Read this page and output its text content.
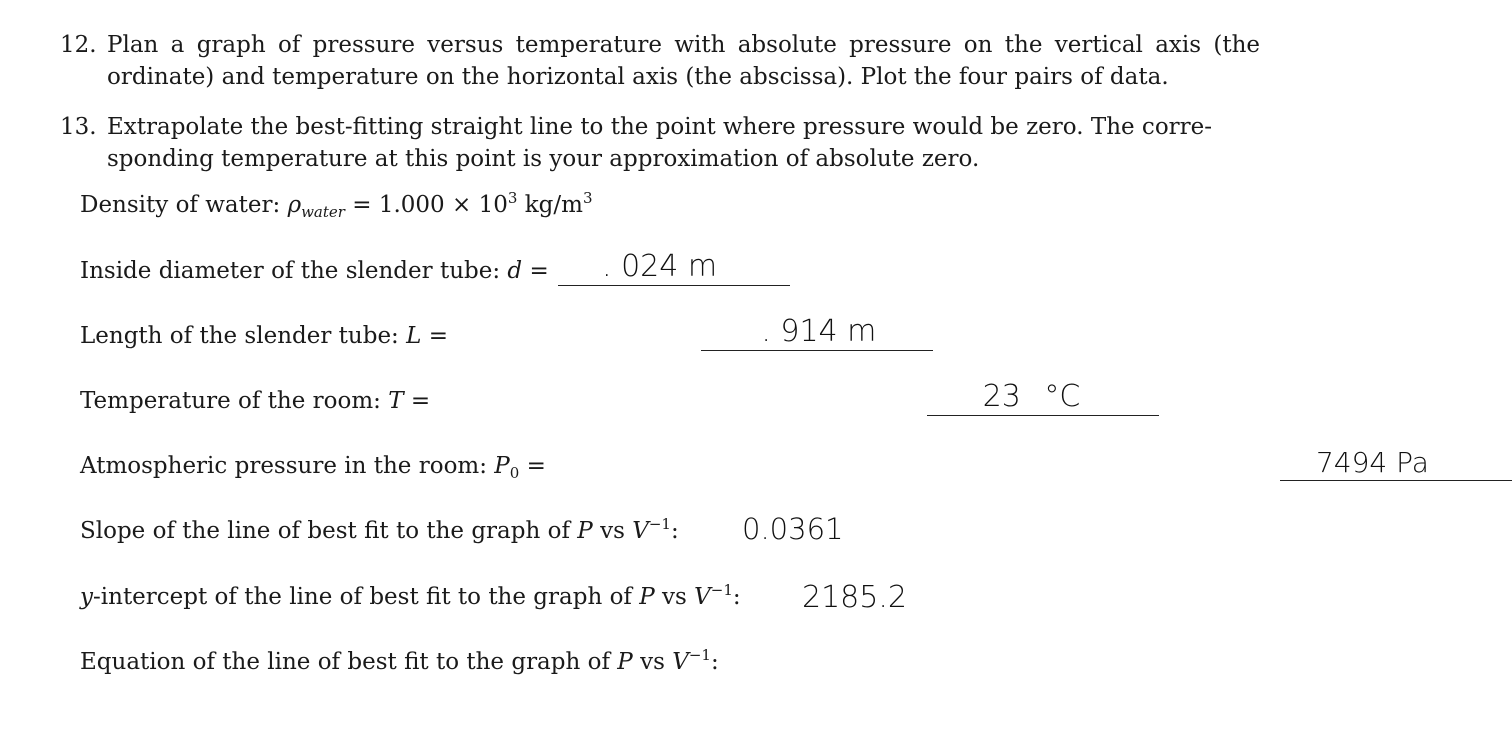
12. Plan a graph of pressure versus temperature with absolute pressure on the vertical axis (the
ordinate) and temperature on the horizontal axis (the abscissa). Plot the four pairs of data.
13. Extrapolate the best-fitting straight line to the point where pressure would be zero. The corre-
sponding temperature at this point is your approximation of absolute zero.
Density of water: $\rho_{water} = 1.000 \times 10^3$ $kg/m^3$
Inside diameter of the slender tube: d = . 024 m

Length of the slender tube: L =	. 914 m

Temperature of the room: T =	23 °C

Atmospheric pressure in the room: $P_0$ =	7494 Pa
Slope of the line of best fit to the graph of P vs $V^{-1}$: 0.0361
y-intercept of the line of best fit to the graph of P vs $V^{-1}$: 2185.2
Equation of the line of best fit to the graph of P vs $V^{-1}$:
